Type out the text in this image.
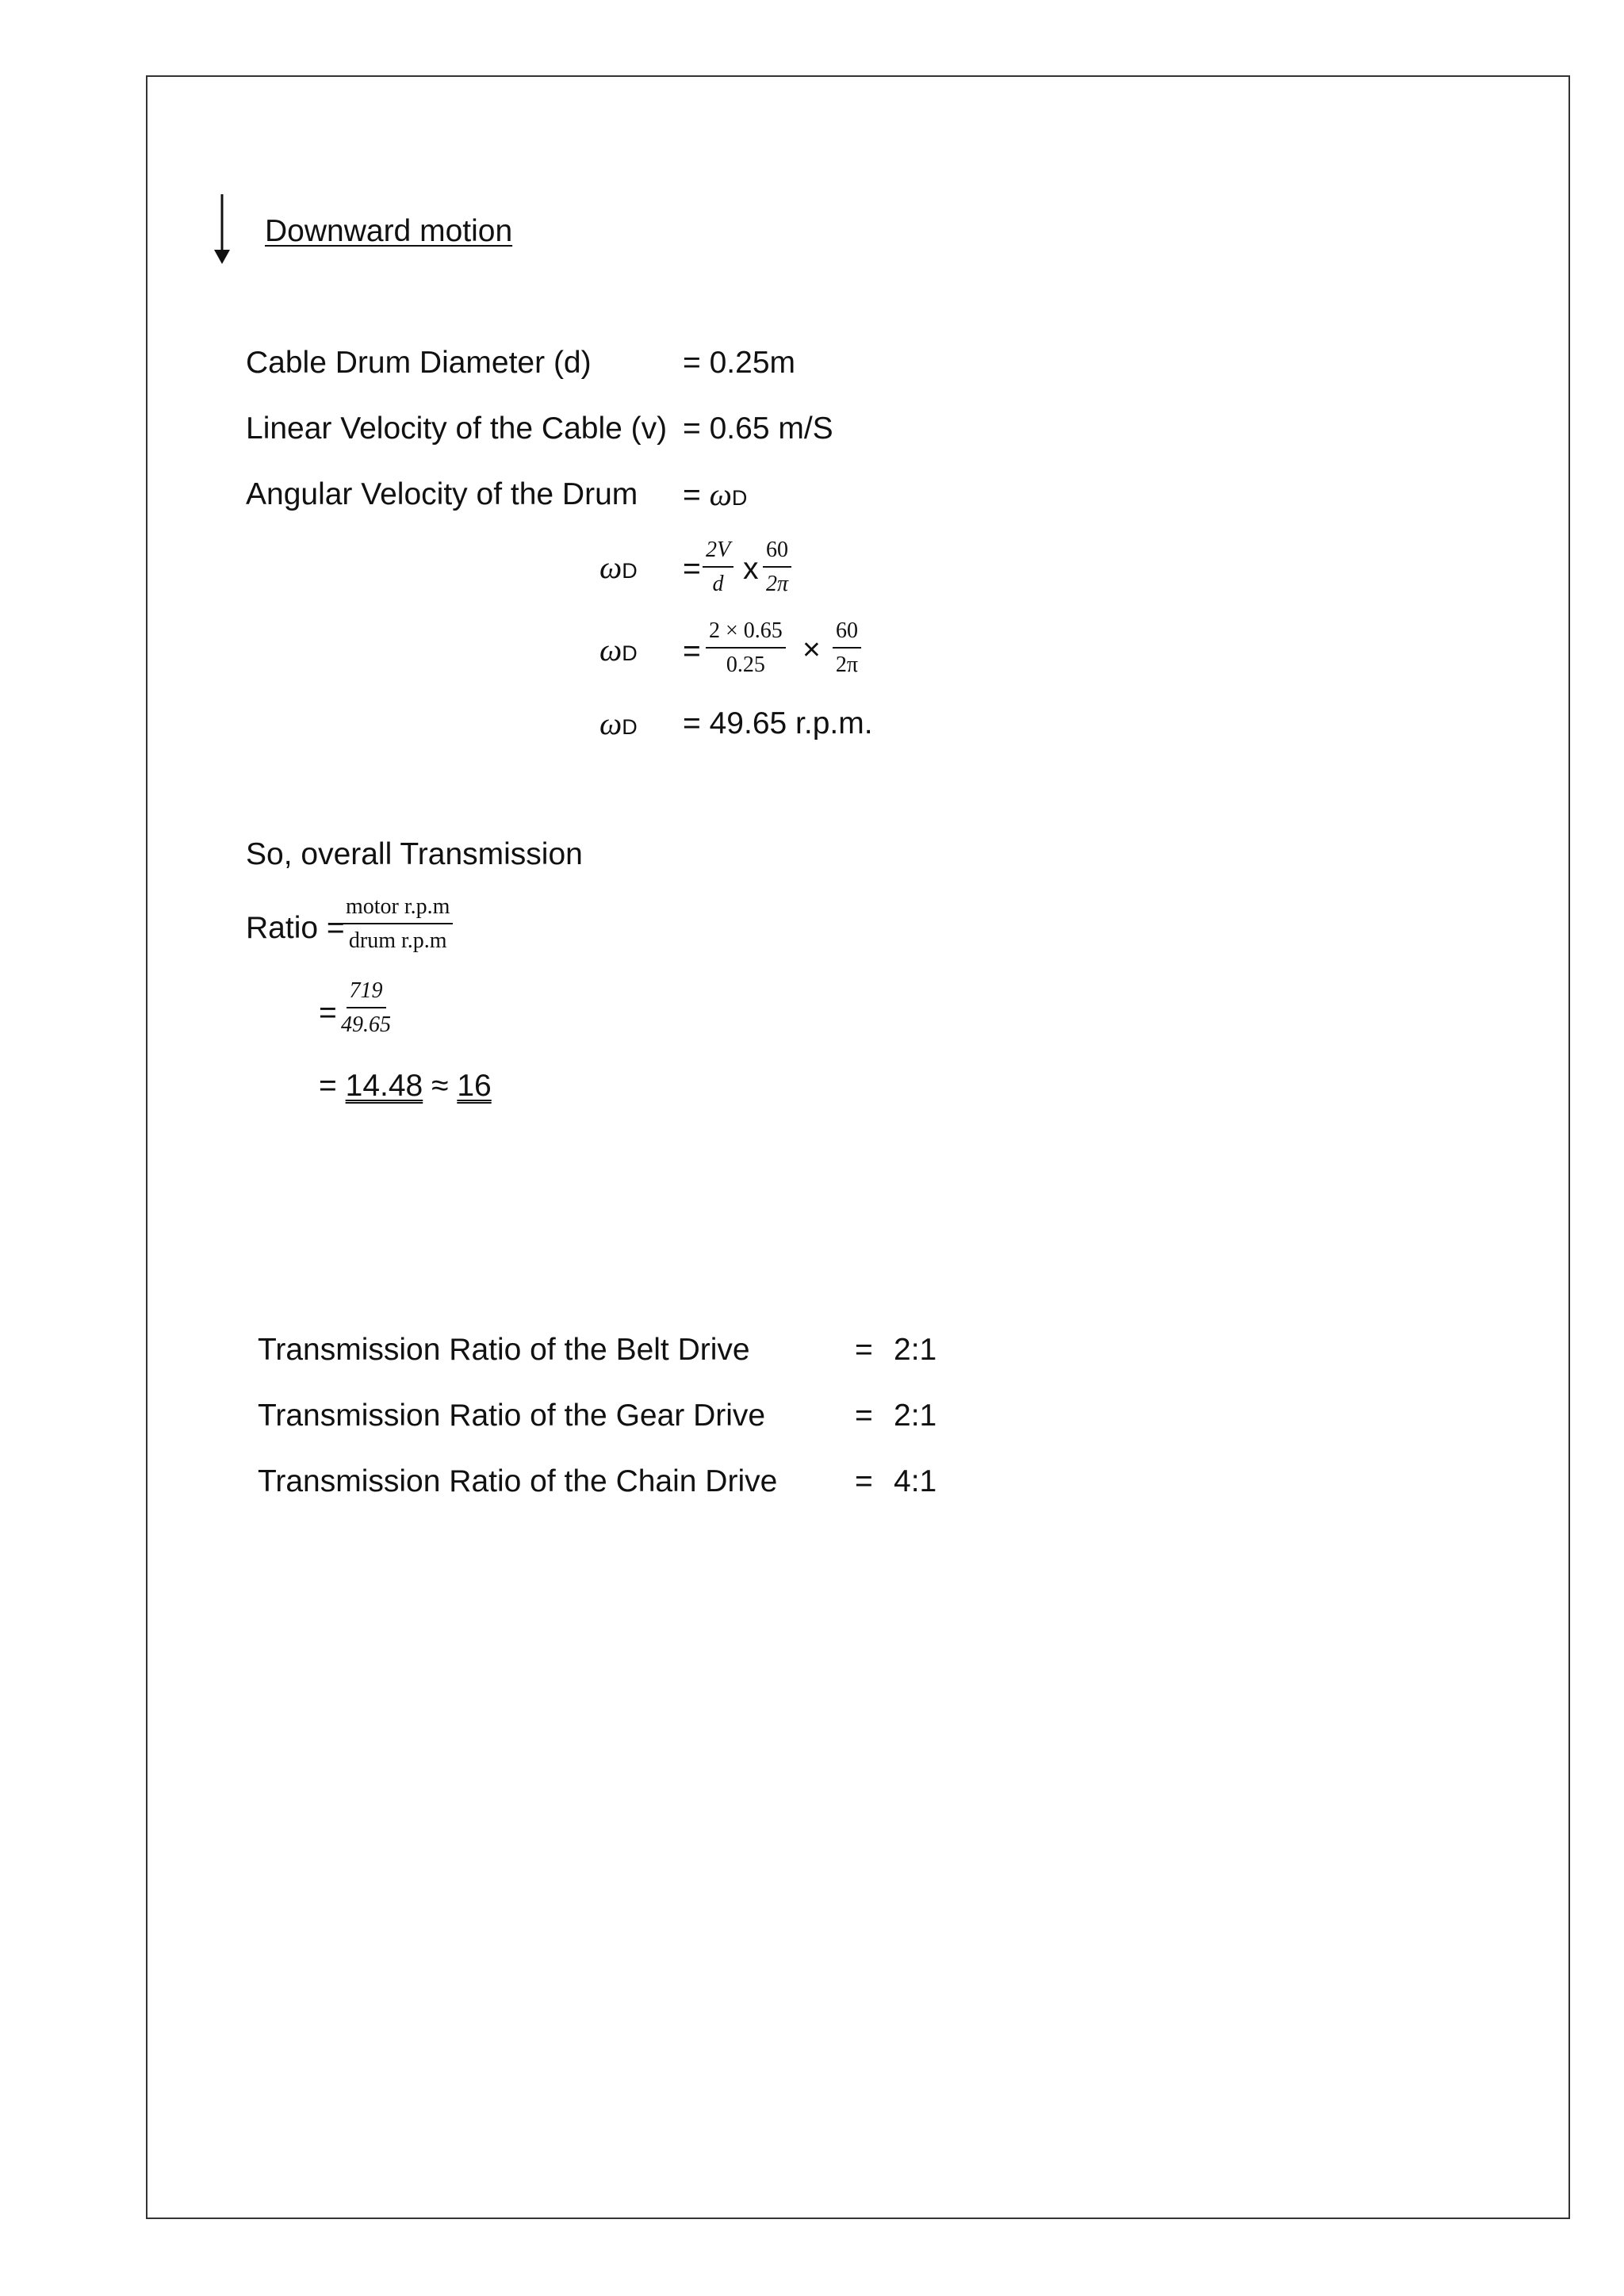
Downward motion
Cable Drum Diameter (d)	= 0.25m
Linear Velocity of the Cable (v) = 0.65 m/S
Angular Velocity of the Drum = ωD
$\omega D = \frac{2V}{d}$ x $\frac{60}{2\pi}$
$\omega D = \frac{2 \times 0.65}{0.25} \times \frac{60}{2\pi}$
ωD = 49.65 r.p.m.
So, overall Transmission
Ratio =
motor r.p.m
drum r.p.m
= $\frac{719}{49.65}$
= 14.48 ≈ 16
Transmission Ratio of the Belt Drive	= 2:1
Transmission Ratio of the Gear Drive	= 2:1
Transmission Ratio of the Chain Drive	= 4:1
